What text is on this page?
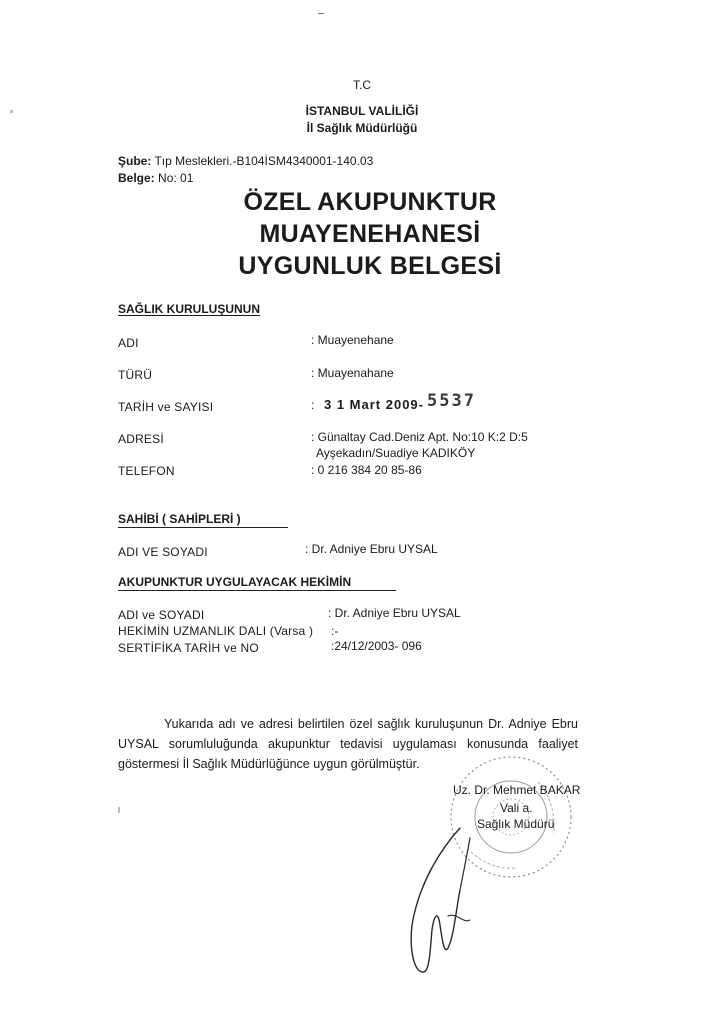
T.C
İSTANBUL VALİLİĞİ
İl Sağlık Müdürlüğü
Şube: Tıp Meslekleri.-B104İSM4340001-140.03
Belge: No: 01
ÖZEL AKUPUNKTUR
MUAYENEHANESİ
UYGUNLUK BELGESİ
SAĞLIK KURULUŞUNUN
ADI	: Muayenehane
TÜRÜ	: Muayenahane
TARİH ve SAYISI	: 3 1 Mart 2009- 5537
ADRESİ	: Günaltay Cad.Deniz Apt. No:10 K:2 D:5
Ayşekadın/Suadiye KADIKÖY
TELEFON	: 0 216 384 20 85-86
SAHİBİ ( SAHİPLERİ )
ADI VE SOYADI	: Dr. Adniye Ebru UYSAL
AKUPUNKTUR UYGULAYACAK HEKİMİN
ADI ve SOYADI	: Dr. Adniye Ebru UYSAL
HEKİMİN UZMANLIK DALI (Varsa ) :-
SERTİFİKA TARİH ve NO	:24/12/2003- 096
Yukarıda adı ve adresi belirtilen özel sağlık kuruluşunun Dr. Adniye Ebru UYSAL sorumluluğunda akupunktur tedavisi uygulaması konusunda faaliyet göstermesi İl Sağlık Müdürlüğünce uygun görülmüştür.
Uz. Dr. Mehmet BAKAR
Vali a.
Sağlık Müdürü
